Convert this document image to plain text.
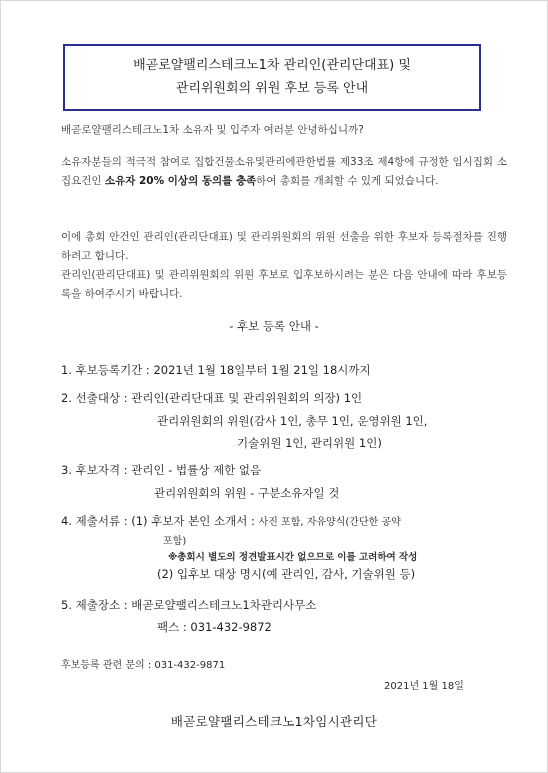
배곧로얄팰리스테크노1차 관리인(관리단대표) 및
관리위원회의 위원 후보 등록 안내
배곧로얄팰리스테크노1차 소유자 및 입주자 여러분 안녕하십니까?
소유자분들의 적극적 참여로 집합건물소유및관리에관한법률 제33조 제4항에 규정한 임시집회 소집요건인 소유자 20% 이상의 동의를 충족하여 총회를 개최할 수 있게 되었습니다.
이에 총회 안건인 관리인(관리단대표) 및 관리위원회의 위원 선출을 위한 후보자 등록절차를 진행하려고 합니다.
관리인(관리단대표) 및 관리위원회의 위원 후보로 입후보하시려는 분은 다음 안내에 따라 후보등록을 하여주시기 바랍니다.
- 후보 등록 안내 -
1. 후보등록기간 : 2021년 1월 18일부터 1월 21일 18시까지
2. 선출대상 : 관리인(관리단대표 및 관리위원회의 의장) 1인
관리위원회의 위원(감사 1인, 총무 1인, 운영위원 1인,
기술위원 1인, 관리위원 1인)
3. 후보자격 : 관리인 - 법률상 제한 없음
관리위원회의 위원 - 구분소유자일 것
4. 제출서류 : (1) 후보자 본인 소개서 : 사진 포함, 자유양식(간단한 공약
포함)
※총회시 별도의 정견발표시간 없으므로 이를 고려하여 작성
(2) 입후보 대상 명시(예 관리인, 감사, 기술위원 등)
5. 제출장소 : 배곧로얄팰리스테크노1차관리사무소
팩스 : 031-432-9872
후보등록 관련 문의 : 031-432-9871
2021년 1월 18일
배곧로얄팰리스테크노1차임시관리단
